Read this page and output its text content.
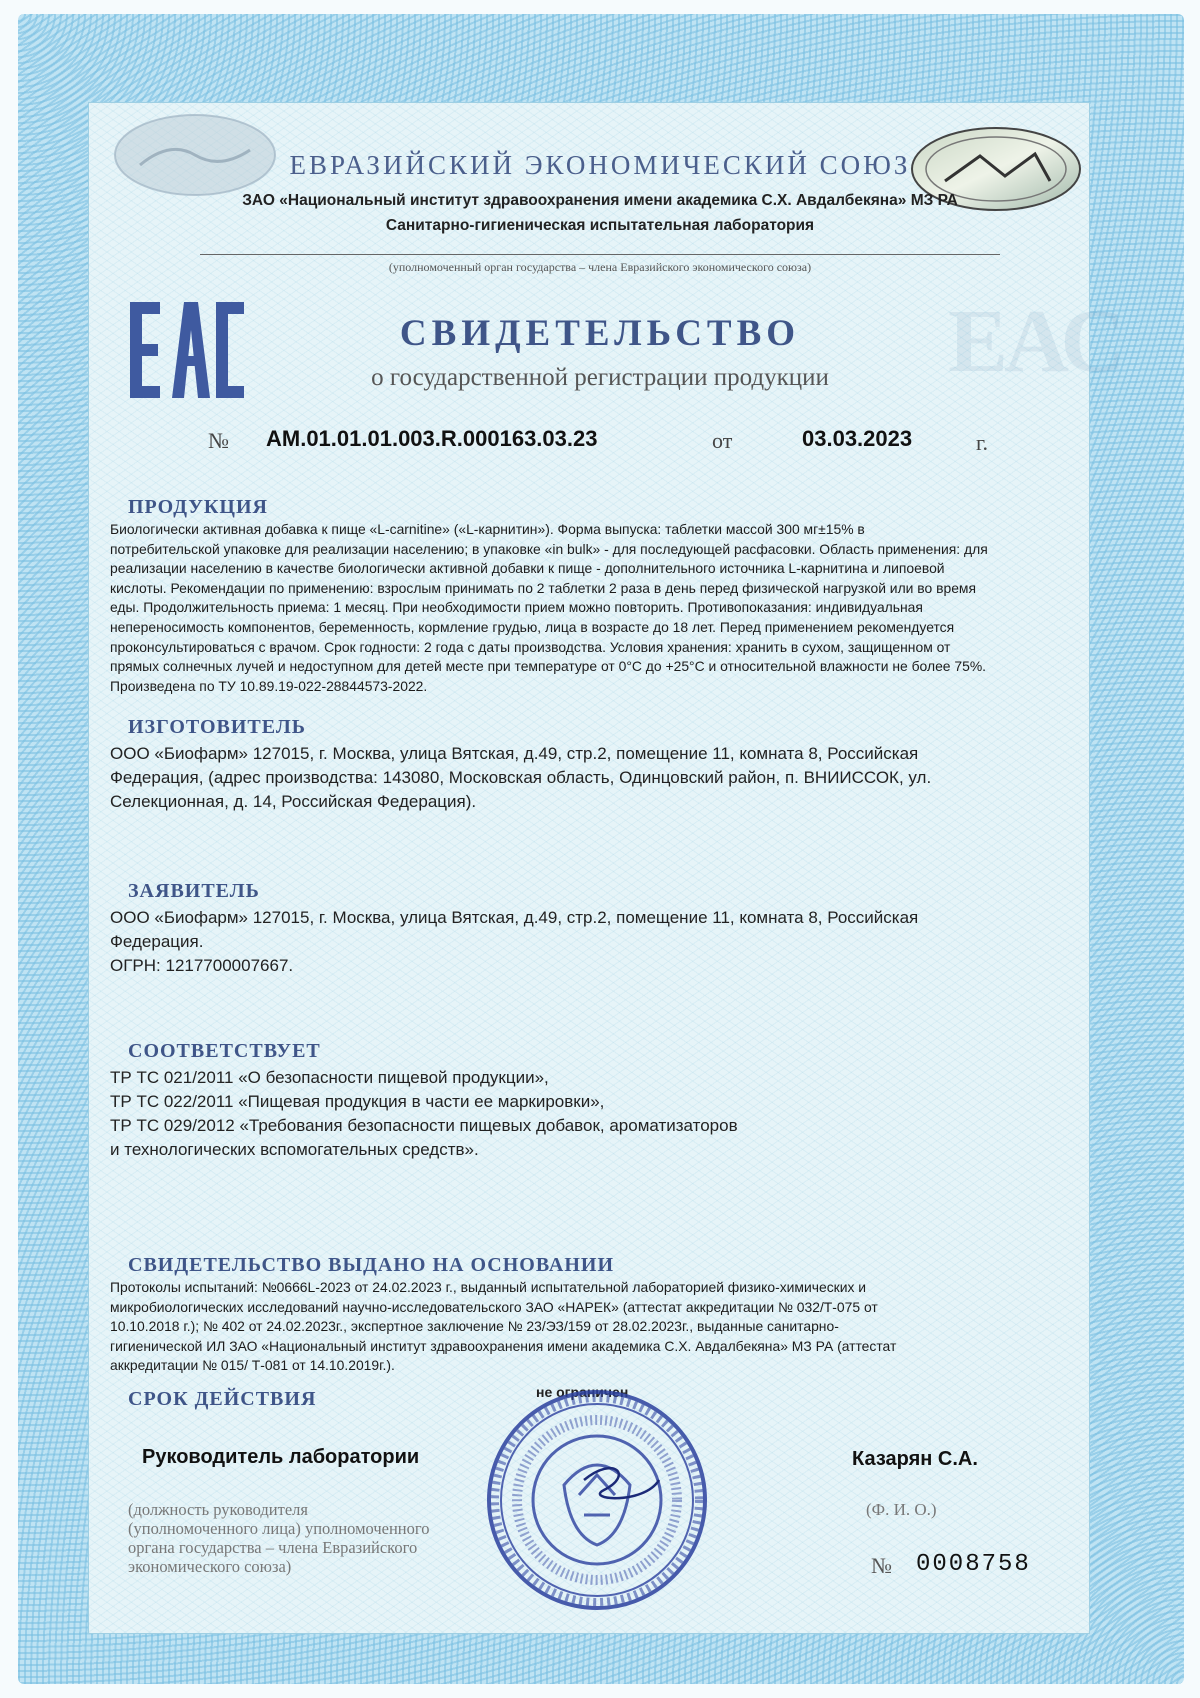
ЕВРАЗИЙСКИЙ ЭКОНОМИЧЕСКИЙ СОЮЗ
ЗАО «Национальный институт здравоохранения имени академика С.Х. Авдалбекяна» МЗ РА
Санитарно-гигиеническая испытательная лаборатория
(уполномоченный орган государства – члена Евразийского экономического союза)
ЕАС
СВИДЕТЕЛЬСТВО
о государственной регистрации продукции
№ AM.01.01.01.003.R.000163.03.23	от	03.03.2023	г.
ПРОДУКЦИЯ
Биологически активная добавка к пище «L-carnitine» («L-карнитин»). Форма выпуска: таблетки массой 300 мг±15% в
потребительской упаковке для реализации населению; в упаковке «in bulk» - для последующей расфасовки. Область применения: для
реализации населению в качестве биологически активной добавки к пище - дополнительного источника L-карнитина и липоевой
кислоты. Рекомендации по применению: взрослым принимать по 2 таблетки 2 раза в день перед физической нагрузкой или во время
еды. Продолжительность приема: 1 месяц. При необходимости прием можно повторить. Противопоказания: индивидуальная
непереносимость компонентов, беременность, кормление грудью, лица в возрасте до 18 лет. Перед применением рекомендуется
проконсультироваться с врачом. Срок годности: 2 года с даты производства. Условия хранения: хранить в сухом, защищенном от
прямых солнечных лучей и недоступном для детей месте при температуре от 0°С до +25°С и относительной влажности не более 75%.
Произведена по ТУ 10.89.19-022-28844573-2022.
ИЗГОТОВИТЕЛЬ
ООО «Биофарм» 127015, г. Москва, улица Вятская, д.49, стр.2, помещение 11, комната 8, Российская
Федерация, (адрес производства: 143080, Московская область, Одинцовский район, п. ВНИИССОК, ул.
Селекционная, д. 14, Российская Федерация).
ЗАЯВИТЕЛЬ
ООО «Биофарм» 127015, г. Москва, улица Вятская, д.49, стр.2, помещение 11, комната 8, Российская
Федерация.
ОГРН: 1217700007667.
СООТВЕТСТВУЕТ
ТР ТС 021/2011 «О безопасности пищевой продукции»,
ТР ТС 022/2011 «Пищевая продукция в части ее маркировки»,
ТР ТС 029/2012 «Требования безопасности пищевых добавок, ароматизаторов
и технологических вспомогательных средств».
СВИДЕТЕЛЬСТВО ВЫДАНО НА ОСНОВАНИИ
Протоколы испытаний: №0666L-2023 от 24.02.2023 г., выданный испытательной лабораторией физико-химических и
микробиологических исследований научно-исследовательского ЗАО «НАРЕК» (аттестат аккредитации № 032/Т-075 от
10.10.2018 г.); № 402 от 24.02.2023г., экспертное заключение № 23/ЭЗ/159 от 28.02.2023г., выданные санитарно-
гигиенической ИЛ ЗАО «Национальный институт здравоохранения имени академика С.Х. Авдалбекяна» МЗ РА (аттестат
аккредитации № 015/ Т-081 от 14.10.2019г.).
СРОК ДЕЙСТВИЯ	не ограничен
Руководитель лаборатории	Казарян С.А.
(должность руководителя
(уполномоченного лица) уполномоченного
органа государства – члена Евразийского
экономического союза)
(Ф. И. О.)
№ 0008758
